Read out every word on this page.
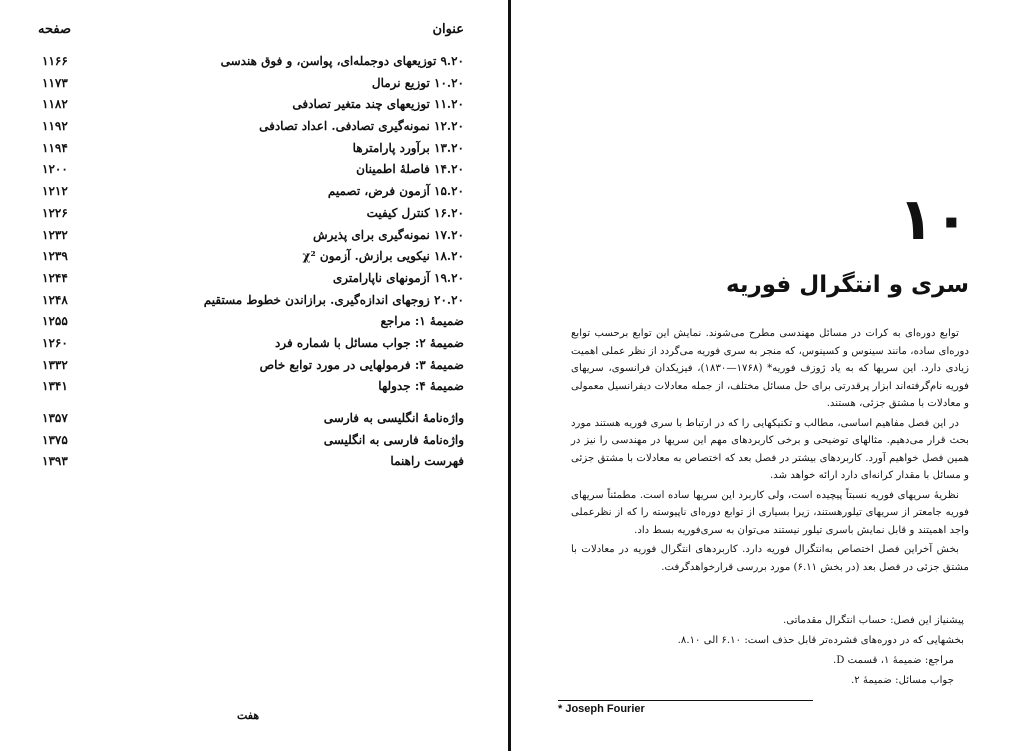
عنوان
صفحه
۹.۲۰ توزیعهای دوجمله‌ای، پواسن، و فوق هندسی
۱۱۶۶
۱۰.۲۰ توزیع نرمال
۱۱۷۳
۱۱.۲۰ توزیعهای چند متغیر تصادفی
۱۱۸۲
۱۲.۲۰ نمونه‌گیری تصادفی. اعداد تصادفی
۱۱۹۲
۱۳.۲۰ برآورد پارامترها
۱۱۹۴
۱۴.۲۰ فاصلهٔ اطمینان
۱۲۰۰
۱۵.۲۰ آزمون فرض، تصمیم
۱۲۱۲
۱۶.۲۰ کنترل کیفیت
۱۲۲۶
۱۷.۲۰ نمونه‌گیری برای پذیرش
۱۲۳۲
۱۸.۲۰ نیکویی برازش. آزمون χ²
۱۲۳۹
۱۹.۲۰ آزمونهای ناپارامتری
۱۲۴۴
۲۰.۲۰ زوجهای اندازه‌گیری. برازاندن خطوط مستقیم
۱۲۴۸
ضمیمهٔ ۱: مراجع
۱۲۵۵
ضمیمهٔ ۲: جواب مسائل با شماره فرد
۱۲۶۰
ضمیمهٔ ۳: فرمولهایی در مورد توابع خاص
۱۳۳۲
ضمیمهٔ ۴: جدولها
۱۳۴۱
واژه‌نامهٔ انگلیسی به فارسی
۱۳۵۷
واژه‌نامهٔ فارسی به انگلیسی
۱۳۷۵
فهرست راهنما
۱۳۹۳
هفت
۱۰
سری و انتگرال فوریه

توابع دوره‌ای به کرات در مسائل مهندسی مطرح می‌شوند. نمایش این توابع برحسب توابع دوره‌ای ساده، مانند سینوس و کسینوس، که منجر به سری فوریه می‌گردد از نظر عملی اهمیت زیادی دارد. این سریها که به یاد ژوزف فوریه* (۱۷۶۸—۱۸۳۰)، فیزیکدان فرانسوی، سریهای فوریه نام‌گرفته‌اند ابزار پرقدرتی برای حل مسائل مختلف، از جمله معادلات دیفرانسیل معمولی و معادلات با مشتق جزئی، هستند.

در این فصل مفاهیم اساسی، مطالب و تکنیکهایی را که در ارتباط با سری فوریه هستند مورد بحث قرار می‌دهیم. مثالهای توضیحی و برخی کاربردهای مهم این سریها در مهندسی را نیز در همین فصل خواهیم آورد. کاربردهای بیشتر در فصل بعد که اختصاص به معادلات با مشتق جزئی و مسائل با مقدار کرانه‌ای دارد ارائه خواهد شد.

نظریهٔ سریهای فوریه نسبتاً پیچیده است، ولی کاربرد این سریها ساده است. مطمئناً سریهای فوریه جامعتر از سریهای تیلورهستند، زیرا بسیاری از توابع دوره‌ای ناپیوسته را که از نظرعملی واجد اهمیتند و قابل نمایش باسری تیلور نیستند می‌توان به سری‌فوریه بسط داد.

بخش آخراین فصل اختصاص به‌انتگرال فوریه دارد. کاربردهای انتگرال فوریه در معادلات با مشتق جزئی در فصل بعد (در بخش ۶.۱۱) مورد بررسی قرارخواهدگرفت.

پیشنیاز این فصل: حساب انتگرال مقدماتی.
بخشهایی که در دوره‌های فشرده‌تر قابل حذف است: ۶.۱۰ الی ۸.۱۰.
مراجع: ضمیمهٔ ۱، قسمت D.
جواب مسائل: ضمیمهٔ ۲.
* Joseph Fourier
